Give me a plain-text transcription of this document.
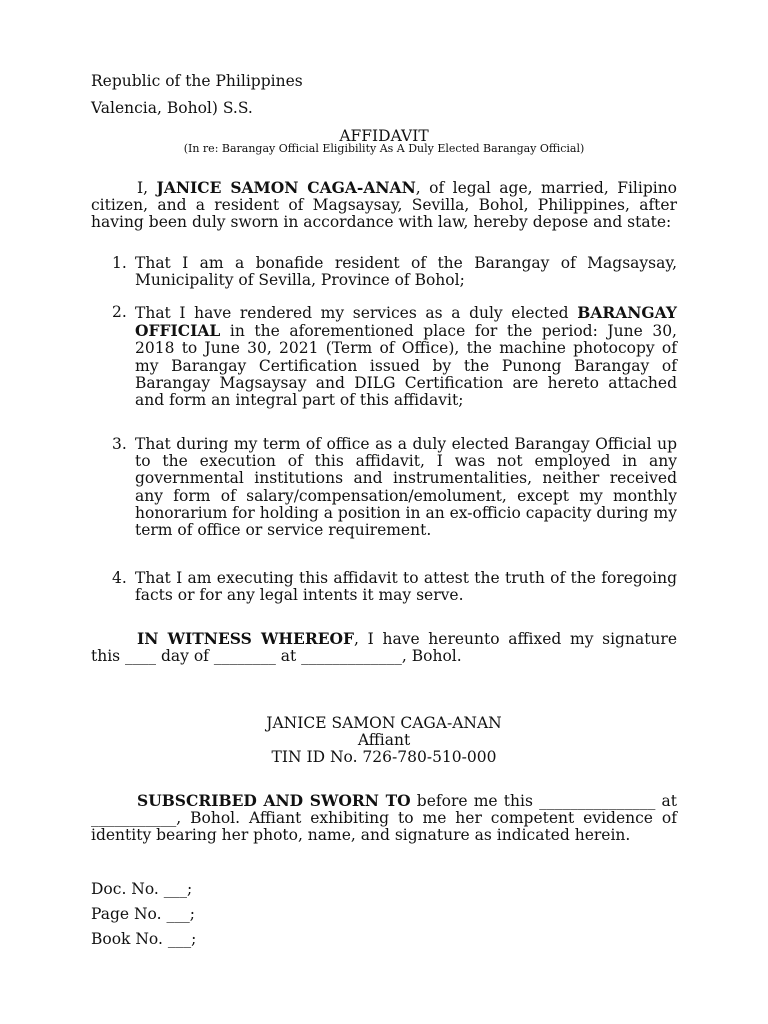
Republic of the Philippines
Valencia, Bohol) S.S.
AFFIDAVIT
(In re: Barangay Official Eligibility As A Duly Elected Barangay Official)
I, JANICE SAMON CAGA-ANAN, of legal age, married, Filipino citizen, and a resident of Magsaysay, Sevilla, Bohol, Philippines, after having been duly sworn in accordance with law, hereby depose and state:
1. That I am a bonafide resident of the Barangay of Magsaysay, Municipality of Sevilla, Province of Bohol;
2. That I have rendered my services as a duly elected BARANGAY OFFICIAL in the aforementioned place for the period: June 30, 2018 to June 30, 2021 (Term of Office), the machine photocopy of my Barangay Certification issued by the Punong Barangay of Barangay Magsaysay and DILG Certification are hereto attached and form an integral part of this affidavit;
3. That during my term of office as a duly elected Barangay Official up to the execution of this affidavit, I was not employed in any governmental institutions and instrumentalities, neither received any form of salary/compensation/emolument, except my monthly honorarium for holding a position in an ex-officio capacity during my term of office or service requirement.
4. That I am executing this affidavit to attest the truth of the foregoing facts or for any legal intents it may serve.
IN WITNESS WHEREOF, I have hereunto affixed my signature this ____ day of ________ at _____________, Bohol.
JANICE SAMON CAGA-ANAN
Affiant
TIN ID No. 726-780-510-000
SUBSCRIBED AND SWORN TO before me this _______________ at ___________, Bohol. Affiant exhibiting to me her competent evidence of identity bearing her photo, name, and signature as indicated herein.
Doc. No. ___;
Page No. ___;
Book No. ___;
